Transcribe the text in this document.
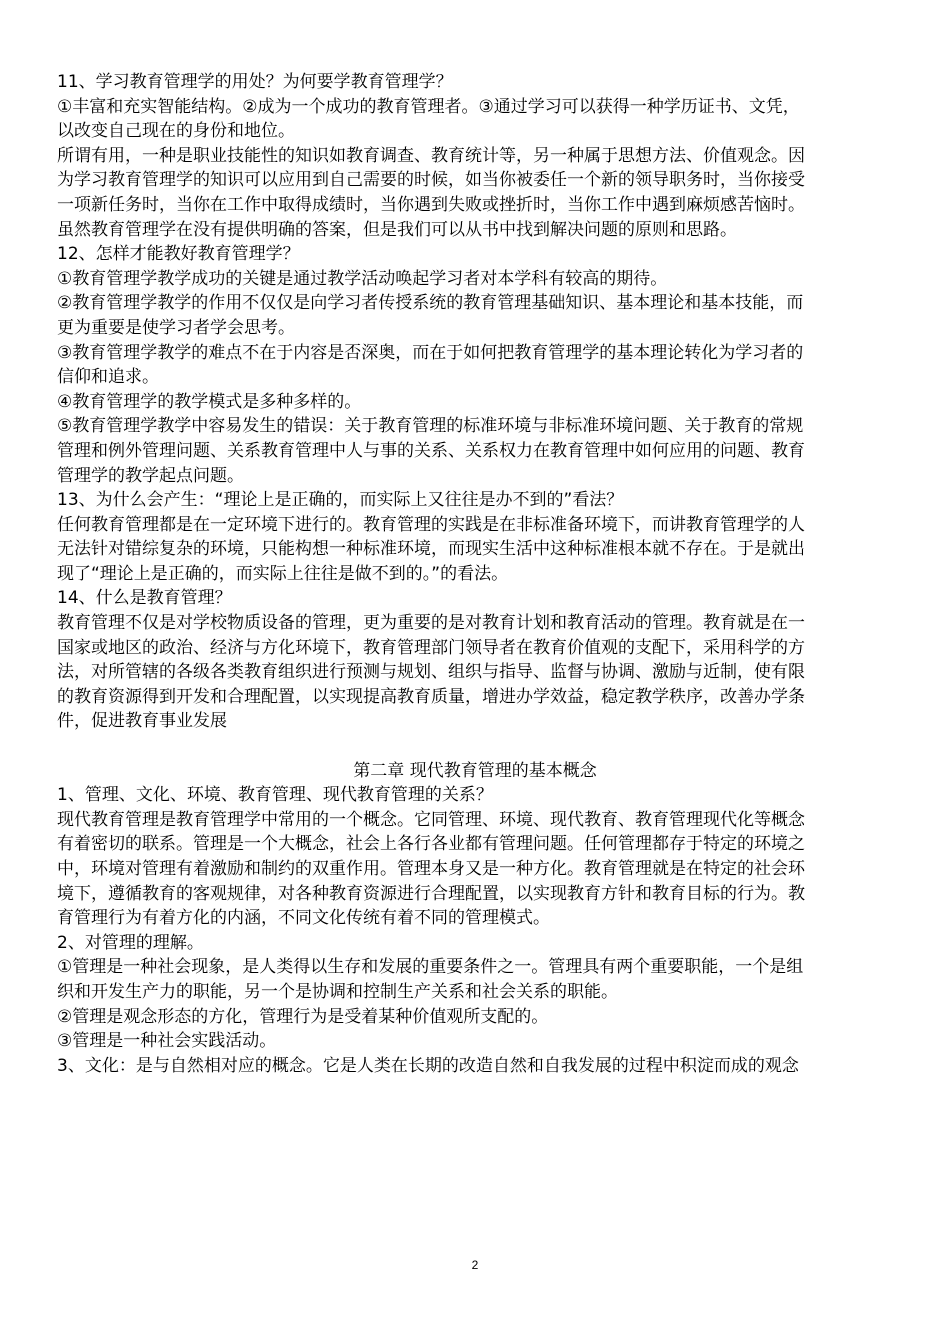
11、学习教育管理学的用处？为何要学教育管理学？

①丰富和充实智能结构。②成为一个成功的教育管理者。③通过学习可以获得一种学历证书、文凭，

以改变自己现在的身份和地位。

所谓有用，一种是职业技能性的知识如教育调查、教育统计等，另一种属于思想方法、价值观念。因

为学习教育管理学的知识可以应用到自己需要的时候，如当你被委任一个新的领导职务时，当你接受

一项新任务时，当你在工作中取得成绩时，当你遇到失败或挫折时，当你工作中遇到麻烦感苦恼时。

虽然教育管理学在没有提供明确的答案，但是我们可以从书中找到解决问题的原则和思路。

12、怎样才能教好教育管理学？

①教育管理学教学成功的关键是通过教学活动唤起学习者对本学科有较高的期待。

②教育管理学教学的作用不仅仅是向学习者传授系统的教育管理基础知识、基本理论和基本技能，而

更为重要是使学习者学会思考。

③教育管理学教学的难点不在于内容是否深奥，而在于如何把教育管理学的基本理论转化为学习者的

信仰和追求。

④教育管理学的教学模式是多种多样的。

⑤教育管理学教学中容易发生的错误：关于教育管理的标准环境与非标准环境问题、关于教育的常规

管理和例外管理问题、关系教育管理中人与事的关系、关系权力在教育管理中如何应用的问题、教育

管理学的教学起点问题。

13、为什么会产生：“理论上是正确的，而实际上又往往是办不到的”看法？

任何教育管理都是在一定环境下进行的。教育管理的实践是在非标准备环境下，而讲教育管理学的人

无法针对错综复杂的环境，只能构想一种标准环境，而现实生活中这种标准根本就不存在。于是就出

现了“理论上是正确的，而实际上往往是做不到的。”的看法。

14、什么是教育管理？

教育管理不仅是对学校物质设备的管理，更为重要的是对教育计划和教育活动的管理。教育就是在一

国家或地区的政治、经济与方化环境下，教育管理部门领导者在教育价值观的支配下，采用科学的方

法，对所管辖的各级各类教育组织进行预测与规划、组织与指导、监督与协调、激励与近制，使有限

的教育资源得到开发和合理配置，以实现提高教育质量，增进办学效益，稳定教学秩序，改善办学条

件，促进教育事业发展

第二章 现代教育管理的基本概念

1、管理、文化、环境、教育管理、现代教育管理的关系？

现代教育管理是教育管理学中常用的一个概念。它同管理、环境、现代教育、教育管理现代化等概念

有着密切的联系。管理是一个大概念，社会上各行各业都有管理问题。任何管理都存于特定的环境之

中，环境对管理有着激励和制约的双重作用。管理本身又是一种方化。教育管理就是在特定的社会环

境下，遵循教育的客观规律，对各种教育资源进行合理配置，以实现教育方针和教育目标的行为。教

育管理行为有着方化的内涵，不同文化传统有着不同的管理模式。

2、对管理的理解。

①管理是一种社会现象，是人类得以生存和发展的重要条件之一。管理具有两个重要职能，一个是组

织和开发生产力的职能，另一个是协调和控制生产关系和社会关系的职能。

②管理是观念形态的方化，管理行为是受着某种价值观所支配的。

③管理是一种社会实践活动。

3、文化：是与自然相对应的概念。它是人类在长期的改造自然和自我发展的过程中积淀而成的观念

2
